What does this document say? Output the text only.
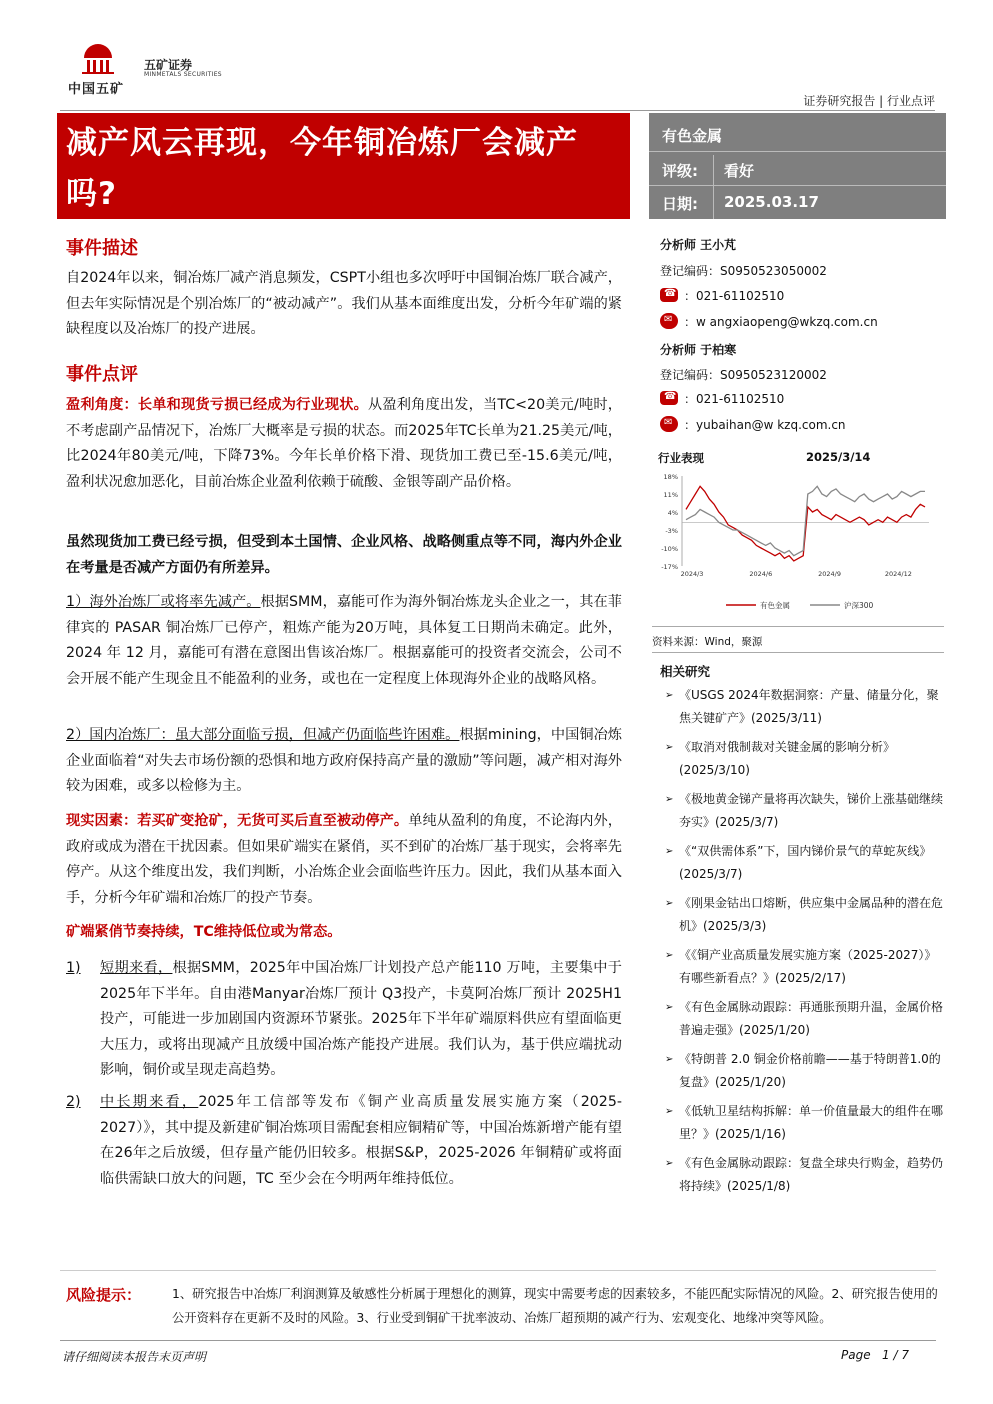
中国五矿
五矿证券
MINMETALS SECURITIES
证券研究报告 | 行业点评
减产风云再现，今年铜冶炼厂会减产吗?
有色金属
评级: 看好
日期: 2025.03.17
事件描述
自2024年以来，铜冶炼厂减产消息频发，CSPT小组也多次呼吁中国铜冶炼厂联合减产，但去年实际情况是个别冶炼厂的“被动减产”。我们从基本面维度出发，分析今年矿端的紧缺程度以及冶炼厂的投产进展。
事件点评
盈利角度：长单和现货亏损已经成为行业现状。从盈利角度出发，当TC<20美元/吨时，不考虑副产品情况下，冶炼厂大概率是亏损的状态。而2025年TC长单为21.25美元/吨，比2024年80美元/吨，下降73%。今年长单价格下滑、现货加工费已至-15.6美元/吨，盈利状况愈加恶化，目前冶炼企业盈利依赖于硫酸、金银等副产品价格。
虽然现货加工费已经亏损，但受到本土国情、企业风格、战略侧重点等不同，海内外企业在考量是否减产方面仍有所差异。
1）海外冶炼厂或将率先减产。根据SMM，嘉能可作为海外铜冶炼龙头企业之一，其在菲律宾的 PASAR 铜冶炼厂已停产，粗炼产能为20万吨，具体复工日期尚未确定。此外，2024 年 12 月，嘉能可有潜在意图出售该冶炼厂。根据嘉能可的投资者交流会，公司不会开展不能产生现金且不能盈利的业务，或也在一定程度上体现海外企业的战略风格。
2）国内冶炼厂：虽大部分面临亏损，但减产仍面临些许困难。根据mining，中国铜冶炼企业面临着“对失去市场份额的恐惧和地方政府保持高产量的激励”等问题，减产相对海外较为困难，或多以检修为主。
现实因素：若买矿变抢矿，无货可买后直至被动停产。单纯从盈利的角度，不论海内外，政府或成为潜在干扰因素。但如果矿端实在紧俏，买不到矿的冶炼厂基于现实，会将率先停产。从这个维度出发，我们判断，小冶炼企业会面临些许压力。因此，我们从基本面入手，分析今年矿端和冶炼厂的投产节奏。
矿端紧俏节奏持续，TC维持低位或为常态。
1) 短期来看，根据SMM，2025年中国冶炼厂计划投产总产能110 万吨，主要集中于2025年下半年。自由港Manyar冶炼厂预计 Q3投产，卡莫阿冶炼厂预计 2025H1 投产，可能进一步加剧国内资源环节紧张。2025年下半年矿端原料供应有望面临更大压力，或将出现减产且放缓中国冶炼产能投产进展。我们认为，基于供应端扰动影响，铜价或呈现走高趋势。
2) 中长期来看，2025年工信部等发布《铜产业高质量发展实施方案（2025-2027）》，其中提及新建矿铜冶炼项目需配套相应铜精矿等，中国冶炼新增产能有望在26年之后放缓，但存量产能仍旧较多。根据S&P，2025-2026 年铜精矿或将面临供需缺口放大的问题，TC 至少会在今明两年维持低位。
分析师 王小芃
登记编码：S0950523050002
☎
：021-61102510
✉
：w angxiaopeng@wkzq.com.cn
分析师 于柏寒
登记编码：S0950523120002
☎
：021-61102510
✉
：yubaihan@w kzq.com.cn
行业表现	2025/3/14
18%
11%
4%
-3%
-10%
-17%
2024/3	2024/6	2024/9	2024/12
有色金属	沪深300
资料来源：Wind，聚源
相关研究
➢ 《USGS 2024年数据洞察：产量、储量分化，聚焦关键矿产》(2025/3/11)
➢ 《取消对俄制裁对关键金属的影响分析》(2025/3/10)
➢ 《极地黄金锑产量将再次缺失，锑价上涨基础继续夯实》(2025/3/7)
➢ 《“双供需体系”下，国内锑价景气的草蛇灰线》(2025/3/7)
➢ 《刚果金钴出口熔断，供应集中金属品种的潜在危机》(2025/3/3)
➢ 《《铜产业高质量发展实施方案（2025-2027）》有哪些新看点？》(2025/2/17)
➢ 《有色金属脉动跟踪：再通胀预期升温，金属价格普遍走强》(2025/1/20)
➢ 《特朗普 2.0 铜金价格前瞻——基于特朗普1.0的复盘》(2025/1/20)
➢ 《低轨卫星结构拆解：单一价值量最大的组件在哪里？》(2025/1/16)
➢ 《有色金属脉动跟踪：复盘全球央行购金，趋势仍将持续》(2025/1/8)
风险提示：	1、研究报告中冶炼厂利润测算及敏感性分析属于理想化的测算，现实中需要考虑的因素较多，不能匹配实际情况的风险。2、研究报告使用的公开资料存在更新不及时的风险。3、行业受到铜矿干扰率波动、冶炼厂超预期的减产行为、宏观变化、地缘冲突等风险。
请仔细阅读本报告末页声明	Page 1 / 7
